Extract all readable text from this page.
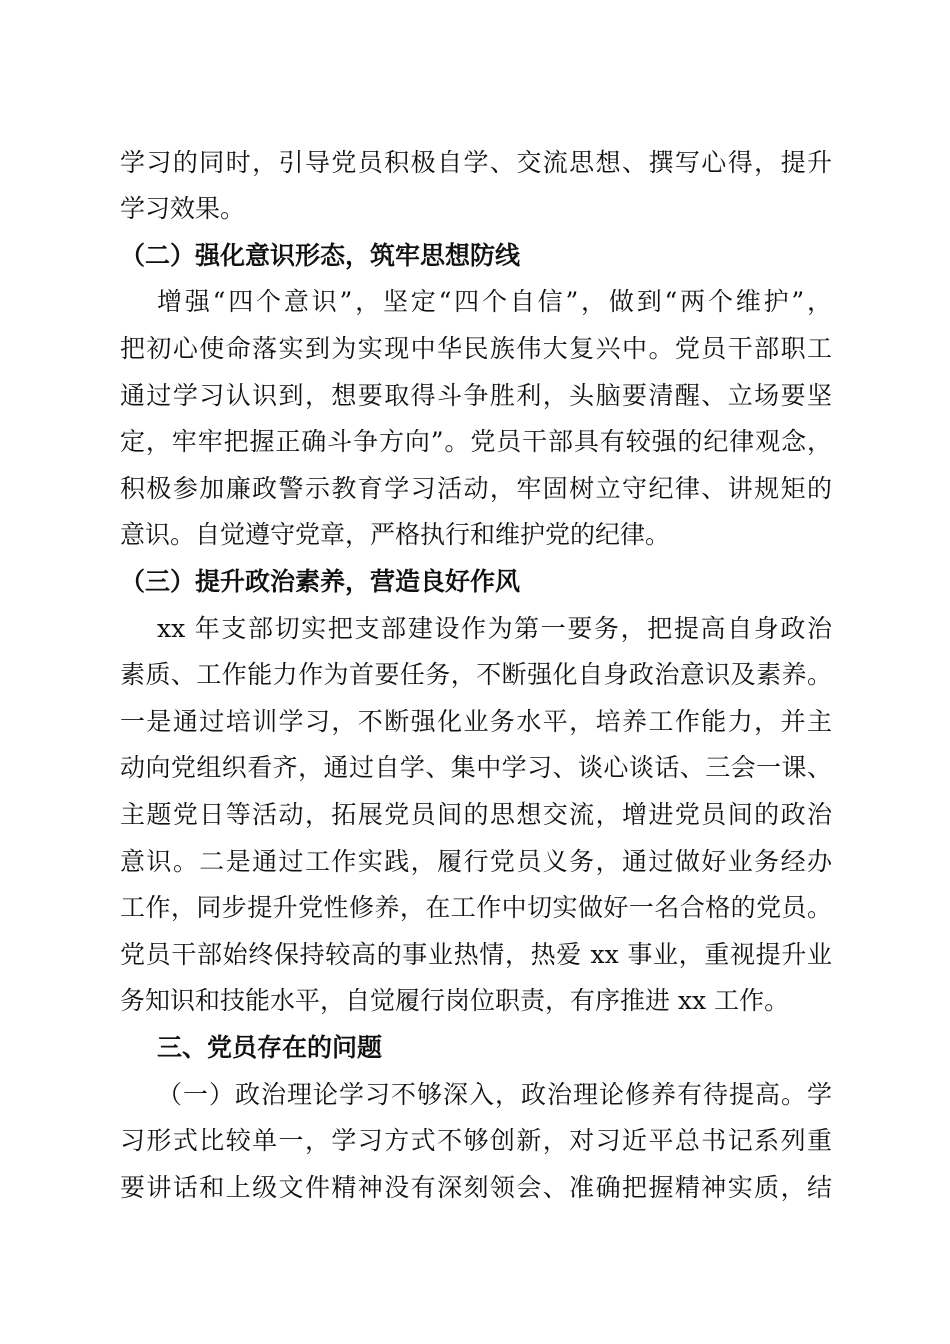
学习的同时，引导党员积极自学、交流思想、撰写心得，提升
学习效果。
（二）强化意识形态，筑牢思想防线
增强“四个意识”，坚定“四个自信”，做到“两个维护”，
把初心使命落实到为实现中华民族伟大复兴中。党员干部职工
通过学习认识到，想要取得斗争胜利，头脑要清醒、立场要坚
定，牢牢把握正确斗争方向”。党员干部具有较强的纪律观念，
积极参加廉政警示教育学习活动，牢固树立守纪律、讲规矩的
意识。自觉遵守党章，严格执行和维护党的纪律。
（三）提升政治素养，营造良好作风
xx 年支部切实把支部建设作为第一要务，把提高自身政治
素质、工作能力作为首要任务，不断强化自身政治意识及素养。
一是通过培训学习，不断强化业务水平，培养工作能力，并主
动向党组织看齐，通过自学、集中学习、谈心谈话、三会一课、
主题党日等活动，拓展党员间的思想交流，增进党员间的政治
意识。二是通过工作实践，履行党员义务，通过做好业务经办
工作，同步提升党性修养，在工作中切实做好一名合格的党员。
党员干部始终保持较高的事业热情，热爱 xx 事业，重视提升业
务知识和技能水平，自觉履行岗位职责，有序推进 xx 工作。
三、党员存在的问题
（一）政治理论学习不够深入，政治理论修养有待提高。学
习形式比较单一，学习方式不够创新，对习近平总书记系列重
要讲话和上级文件精神没有深刻领会、准确把握精神实质，结
